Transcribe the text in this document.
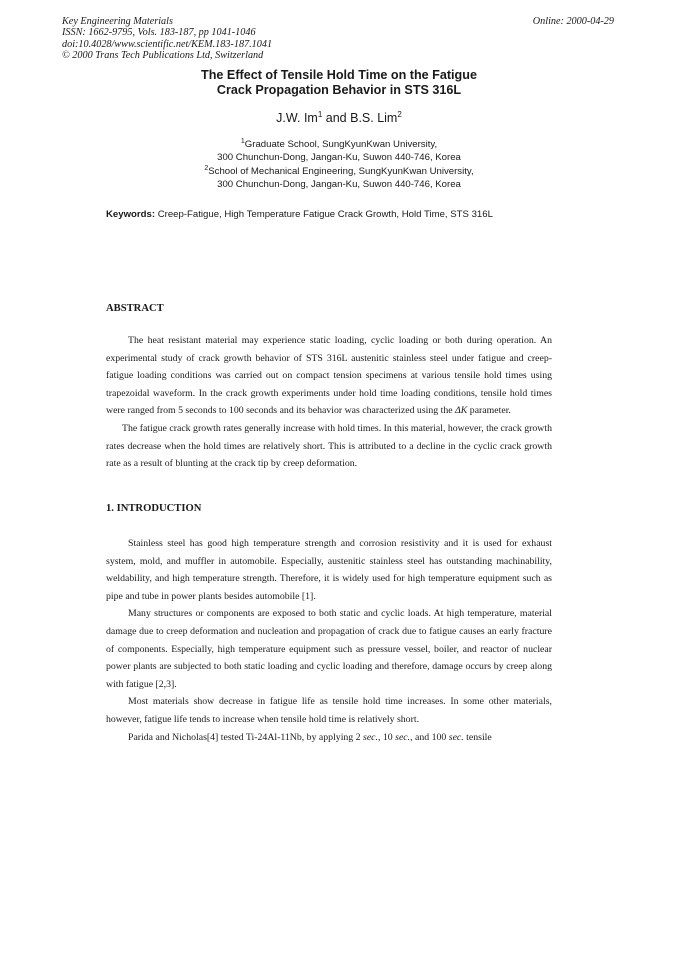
Key Engineering Materials
ISSN: 1662-9795, Vols. 183-187, pp 1041-1046
doi:10.4028/www.scientific.net/KEM.183-187.1041
© 2000 Trans Tech Publications Ltd, Switzerland
Online: 2000-04-29
The Effect of Tensile Hold Time on the Fatigue
Crack Propagation Behavior in STS 316L
J.W. Im$^1$ and B.S. Lim$^2$
$^1$Graduate School, SungKyunKwan University,
300 Chunchun-Dong, Jangan-Ku, Suwon 440-746, Korea
$^2$School of Mechanical Engineering, SungKyunKwan University,
300 Chunchun-Dong, Jangan-Ku, Suwon 440-746, Korea
Keywords: Creep-Fatigue, High Temperature Fatigue Crack Growth, Hold Time, STS 316L
ABSTRACT

The heat resistant material may experience static loading, cyclic loading or both during operation. An experimental study of crack growth behavior of STS 316L austenitic stainless steel under fatigue and creep-fatigue loading conditions was carried out on compact tension specimens at various tensile hold times using trapezoidal waveform. In the crack growth experiments under hold time loading conditions, tensile hold times were ranged from 5 seconds to 100 seconds and its behavior was characterized using the ΔK parameter.

The fatigue crack growth rates generally increase with hold times. In this material, however, the crack growth rates decrease when the hold times are relatively short. This is attributed to a decline in the cyclic crack growth rate as a result of blunting at the crack tip by creep deformation.

1. INTRODUCTION

Stainless steel has good high temperature strength and corrosion resistivity and it is used for exhaust system, mold, and muffler in automobile. Especially, austenitic stainless steel has outstanding machinability, weldability, and high temperature strength. Therefore, it is widely used for high temperature equipment such as pipe and tube in power plants besides automobile [1].

Many structures or components are exposed to both static and cyclic loads. At high temperature, material damage due to creep deformation and nucleation and propagation of crack due to fatigue causes an early fracture of components. Especially, high temperature equipment such as pressure vessel, boiler, and reactor of nuclear power plants are subjected to both static loading and cyclic loading and therefore, damage occurs by creep along with fatigue [2,3].

Most materials show decrease in fatigue life as tensile hold time increases. In some other materials, however, fatigue life tends to increase when tensile hold time is relatively short.

Parida and Nicholas[4] tested Ti-24Al-11Nb, by applying 2 sec., 10 sec., and 100 sec. tensile
